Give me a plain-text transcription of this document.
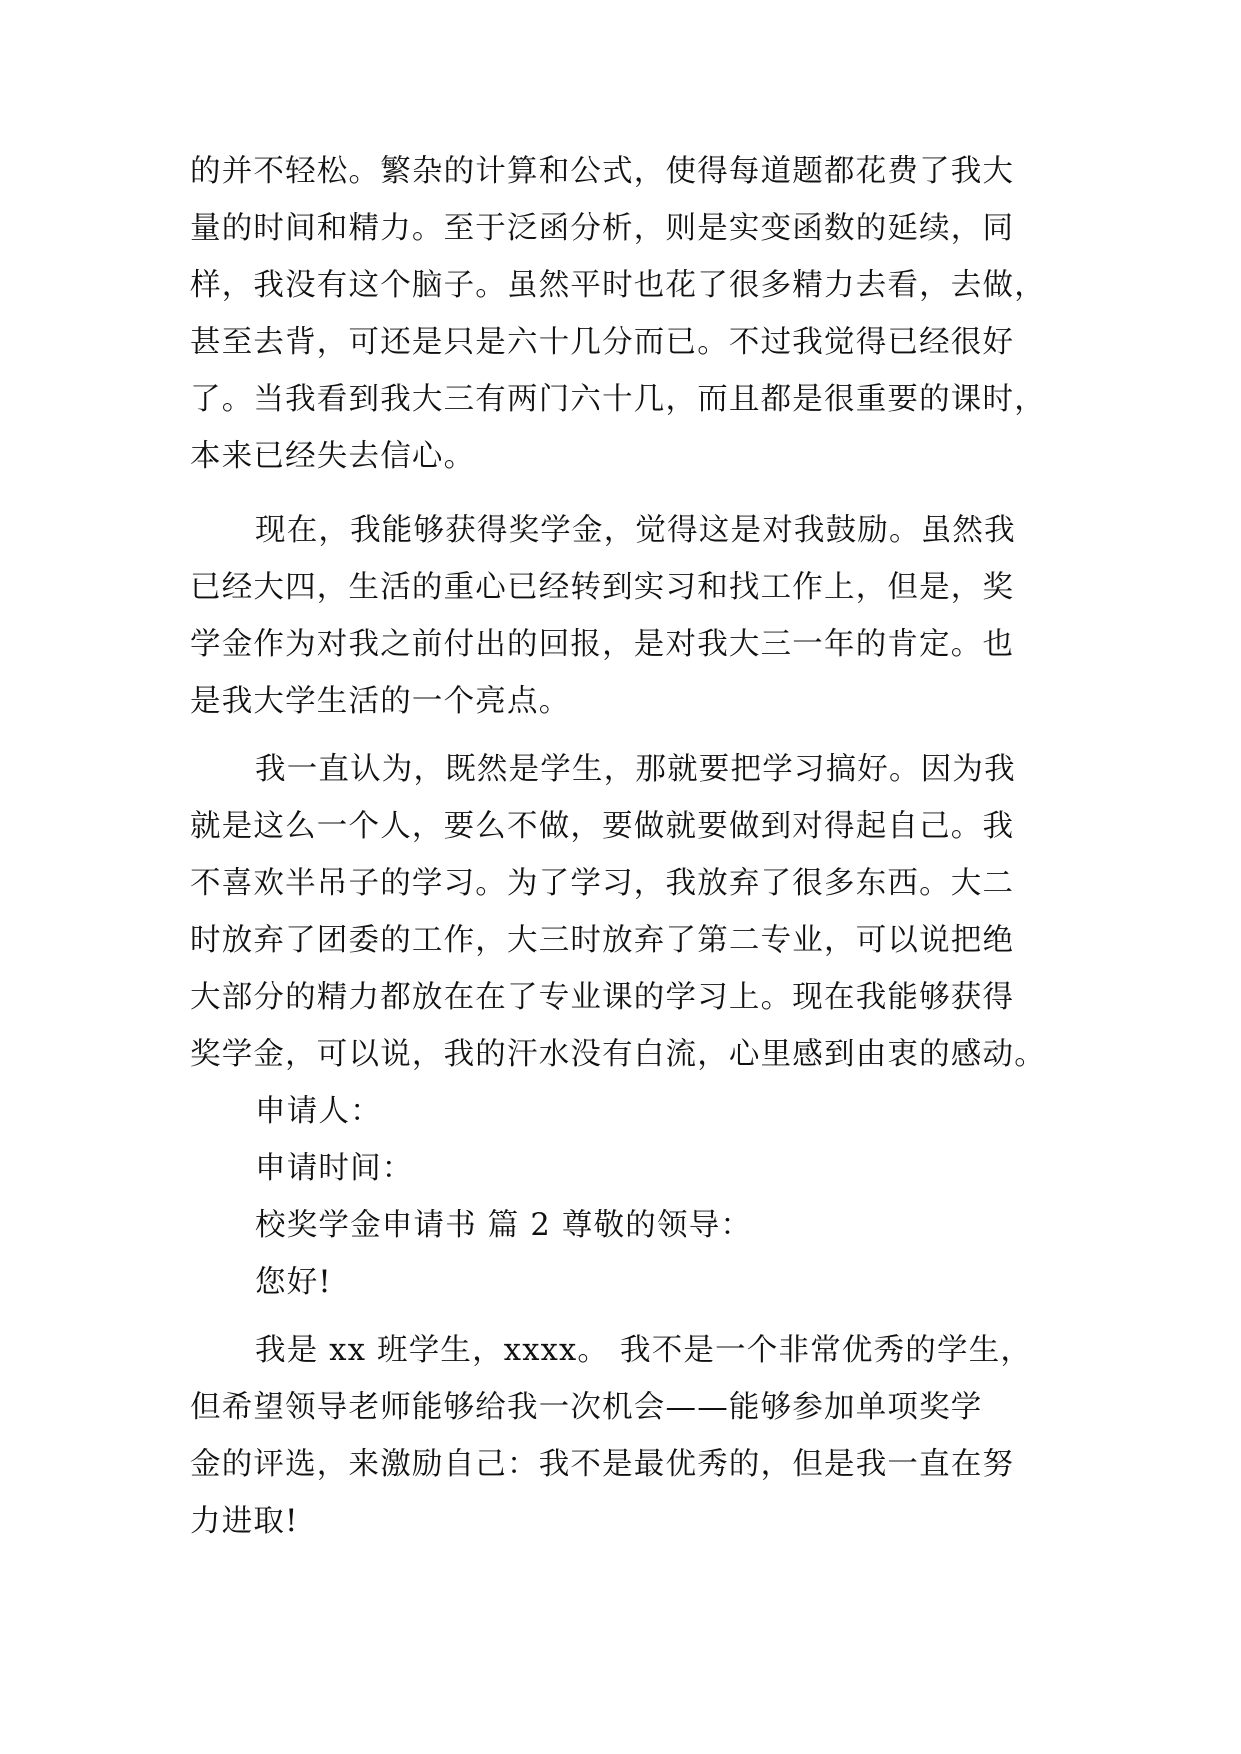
的并不轻松。繁杂的计算和公式，使得每道题都花费了我大
量的时间和精力。至于泛函分析，则是实变函数的延续，同
样，我没有这个脑子。虽然平时也花了很多精力去看，去做，
甚至去背，可还是只是六十几分而已。不过我觉得已经很好
了。当我看到我大三有两门六十几，而且都是很重要的课时，
本来已经失去信心。
现在，我能够获得奖学金，觉得这是对我鼓励。虽然我
已经大四，生活的重心已经转到实习和找工作上，但是，奖
学金作为对我之前付出的回报，是对我大三一年的肯定。也
是我大学生活的一个亮点。
我一直认为，既然是学生，那就要把学习搞好。因为我
就是这么一个人，要么不做，要做就要做到对得起自己。我
不喜欢半吊子的学习。为了学习，我放弃了很多东西。大二
时放弃了团委的工作，大三时放弃了第二专业，可以说把绝
大部分的精力都放在在了专业课的学习上。现在我能够获得
奖学金，可以说，我的汗水没有白流，心里感到由衷的感动。
申请人：
申请时间：
校奖学金申请书 篇 2 尊敬的领导：
您好!
我是 xx 班学生，xxxx。 我不是一个非常优秀的学生，
但希望领导老师能够给我一次机会——能够参加单项奖学
金的评选，来激励自己：我不是最优秀的，但是我一直在努
力进取!
